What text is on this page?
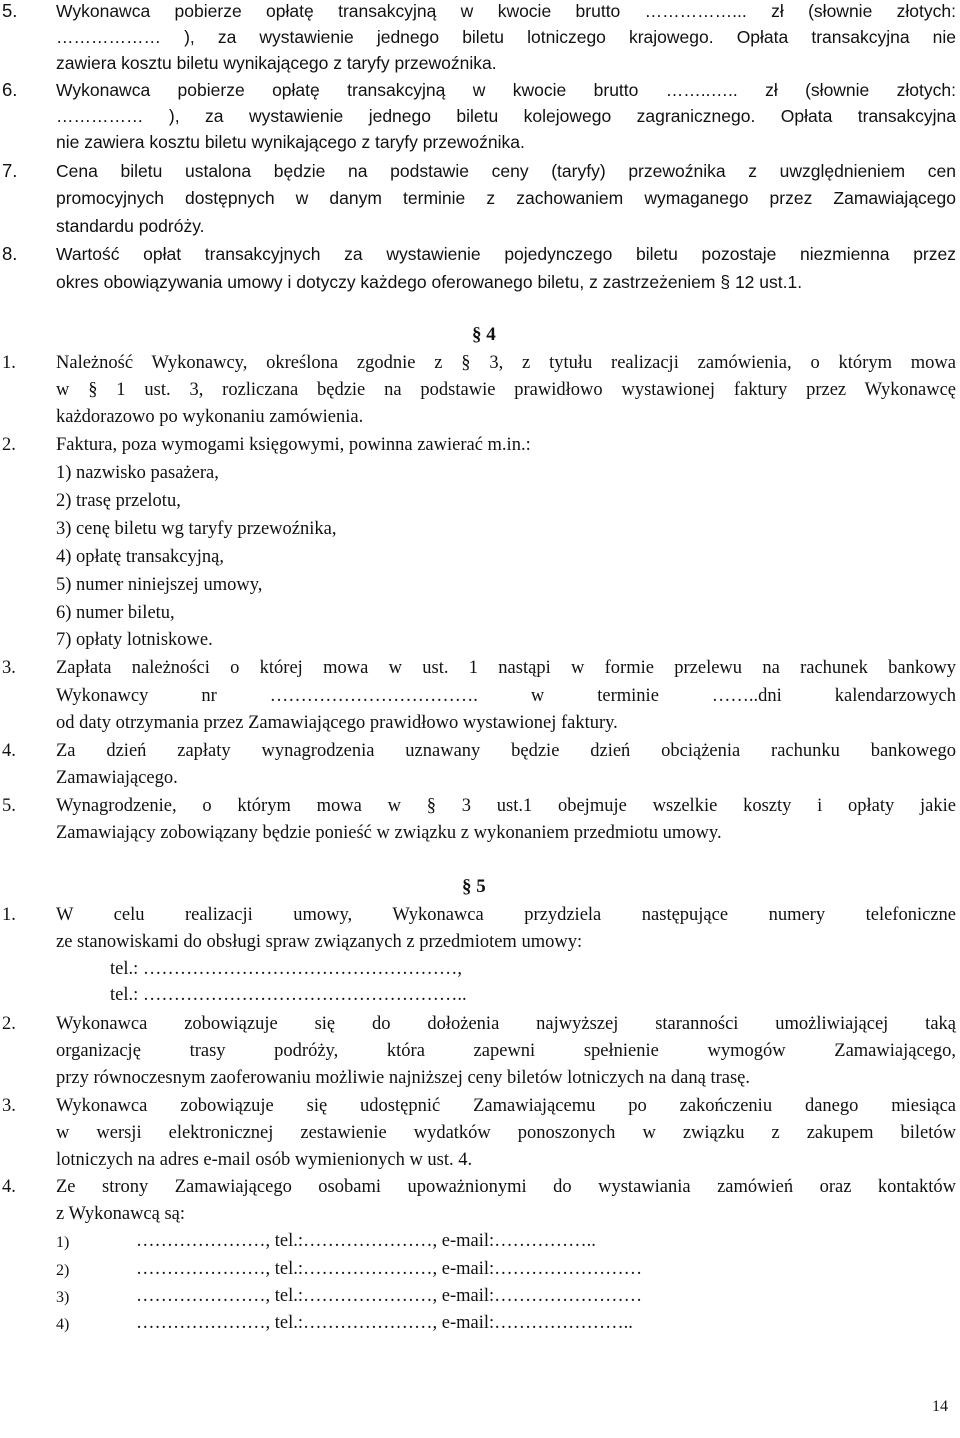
5. Wykonawca pobierze opłatę transakcyjną w kwocie brutto ……………... zł (słownie złotych:
……………… ), za wystawienie jednego biletu lotniczego krajowego. Opłata transakcyjna nie
zawiera kosztu biletu wynikającego z taryfy przewoźnika.
6. Wykonawca pobierze opłatę transakcyjną w kwocie brutto ……..….. zł (słownie złotych:
…………… ), za wystawienie jednego biletu kolejowego zagranicznego. Opłata transakcyjna
nie zawiera kosztu biletu wynikającego z taryfy przewoźnika.
7. Cena biletu ustalona będzie na podstawie ceny (taryfy) przewoźnika z uwzględnieniem cen
promocyjnych dostępnych w danym terminie z zachowaniem wymaganego przez Zamawiającego
standardu podróży.
8. Wartość opłat transakcyjnych za wystawienie pojedynczego biletu pozostaje niezmienna przez
okres obowiązywania umowy i dotyczy każdego oferowanego biletu, z zastrzeżeniem § 12 ust.1.
§ 4
1. Należność Wykonawcy, określona zgodnie z § 3, z tytułu realizacji zamówienia, o którym mowa
w § 1 ust. 3, rozliczana będzie na podstawie prawidłowo wystawionej faktury przez Wykonawcę
każdorazowo po wykonaniu zamówienia.
2. Faktura, poza wymogami księgowymi, powinna zawierać m.in.:
1) nazwisko pasażera,
2) trasę przelotu,
3) cenę biletu wg taryfy przewoźnika,
4) opłatę transakcyjną,
5) numer niniejszej umowy,
6) numer biletu,
7) opłaty lotniskowe.
3. Zapłata należności o której mowa w ust. 1 nastąpi w formie przelewu na rachunek bankowy
Wykonawcy nr ……………………………. w terminie ……..dni kalendarzowych
od daty otrzymania przez Zamawiającego prawidłowo wystawionej faktury.
4. Za dzień zapłaty wynagrodzenia uznawany będzie dzień obciążenia rachunku bankowego
Zamawiającego.
5. Wynagrodzenie, o którym mowa w § 3 ust.1 obejmuje wszelkie koszty i opłaty jakie
Zamawiający zobowiązany będzie ponieść w związku z wykonaniem przedmiotu umowy.
§ 5
1. W celu realizacji umowy, Wykonawca przydziela następujące numery telefoniczne
ze stanowiskami do obsługi spraw związanych z przedmiotem umowy:
tel.: ……………………………………………,
tel.: ……………………………………………..
2. Wykonawca zobowiązuje się do dołożenia najwyższej staranności umożliwiającej taką
organizację trasy podróży, która zapewni spełnienie wymogów Zamawiającego,
przy równoczesnym zaoferowaniu możliwie najniższej ceny biletów lotniczych na daną trasę.
3. Wykonawca zobowiązuje się udostępnić Zamawiającemu po zakończeniu danego miesiąca
w wersji elektronicznej zestawienie wydatków ponoszonych w związku z zakupem biletów
lotniczych na adres e-mail osób wymienionych w ust. 4.
4. Ze strony Zamawiającego osobami upoważnionymi do wystawiania zamówień oraz kontaktów
z Wykonawcą są:
1)	…………………, tel.:…………………, e-mail:……………..
2)	…………………, tel.:…………………, e-mail:……………………
3)	…………………, tel.:…………………, e-mail:……………………
4)	…………………, tel.:…………………, e-mail:…………………..
14
